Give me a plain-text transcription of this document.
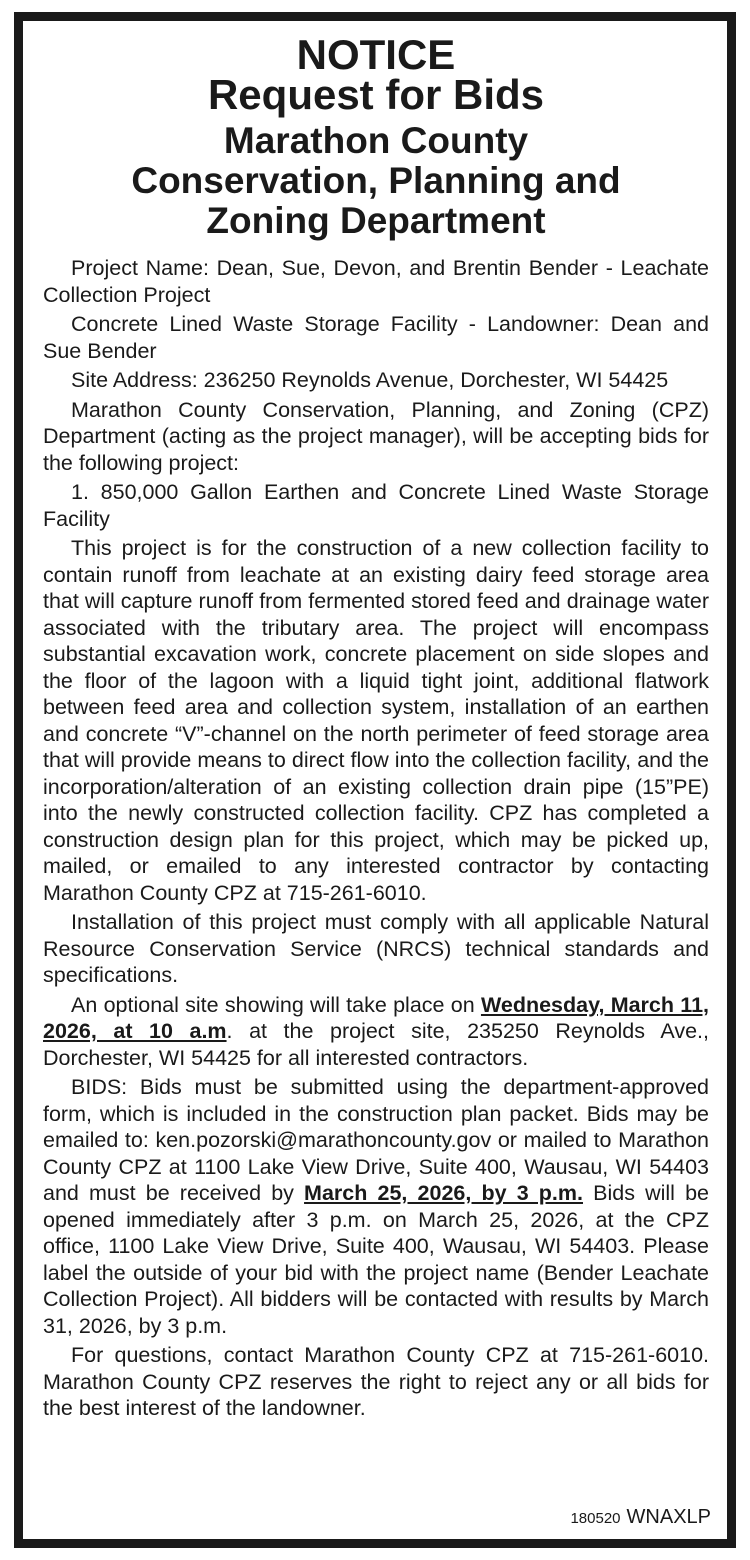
NOTICE
Request for Bids
Marathon County
Conservation, Planning and
Zoning Department

Project Name: Dean, Sue, Devon, and Brentin Bender - Leachate Collection Project

Concrete Lined Waste Storage Facility - Landowner: Dean and Sue Bender

Site Address: 236250 Reynolds Avenue, Dorchester, WI 54425

Marathon County Conservation, Planning, and Zoning (CPZ) Department (acting as the project manager), will be accepting bids for the following project:

1. 850,000 Gallon Earthen and Concrete Lined Waste Storage Facility

This project is for the construction of a new collection facility to contain runoff from leachate at an existing dairy feed storage area that will capture runoff from fermented stored feed and drainage water associated with the tributary area. The project will encompass substantial excavation work, concrete placement on side slopes and the floor of the lagoon with a liquid tight joint, additional flatwork between feed area and collection system, installation of an earthen and concrete “V”-channel on the north perimeter of feed storage area that will provide means to direct flow into the collection facility, and the incorporation/alteration of an existing collection drain pipe (15”PE) into the newly constructed collection facility. CPZ has completed a construction design plan for this project, which may be picked up, mailed, or emailed to any interested contractor by contacting Marathon County CPZ at 715-261-6010.

Installation of this project must comply with all applicable Natural Resource Conservation Service (NRCS) technical standards and specifications.

An optional site showing will take place on Wednesday, March 11, 2026, at 10 a.m. at the project site, 235250 Reynolds Ave., Dorchester, WI 54425 for all interested contractors.

BIDS: Bids must be submitted using the department-approved form, which is included in the construction plan packet. Bids may be emailed to: ken.pozorski@marathoncounty.gov or mailed to Marathon County CPZ at 1100 Lake View Drive, Suite 400, Wausau, WI 54403 and must be received by March 25, 2026, by 3 p.m. Bids will be opened immediately after 3 p.m. on March 25, 2026, at the CPZ office, 1100 Lake View Drive, Suite 400, Wausau, WI 54403. Please label the outside of your bid with the project name (Bender Leachate Collection Project). All bidders will be contacted with results by March 31, 2026, by 3 p.m.

For questions, contact Marathon County CPZ at 715-261-6010. Marathon County CPZ reserves the right to reject any or all bids for the best interest of the landowner.

180520 WNAXLP
